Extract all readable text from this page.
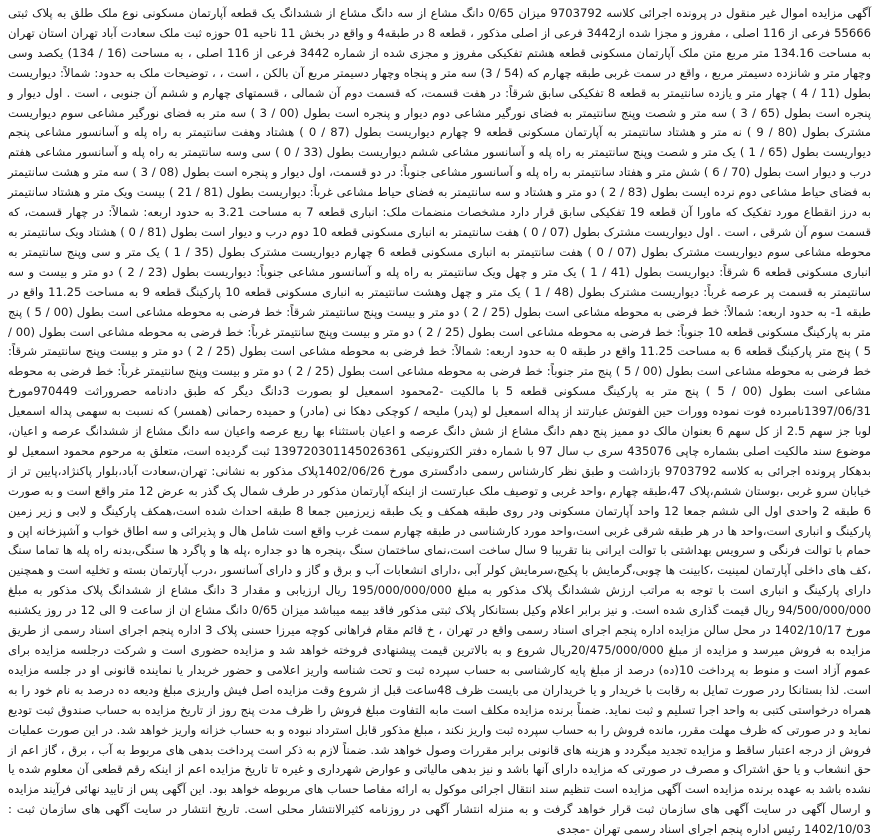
آگهی مزایده اموال غیر منقول در پرونده اجرائی کلاسه 9703792 میزان 0/65 دانگ مشاع از سه دانگ مشاع از ششدانگ یک قطعه آپارتمان مسکونی نوع ملک طلق به پلاک ثبتی 55666 فرعی از 116 اصلی ، مفروز و مجزا شده از3442 فرعی از اصلی مذکور ، قطعه 8 در طبقه4 و واقع در بخش 11 ناحیه 01 حوزه ثبت ملک سعادت آباد تهران استان تهران به مساحت 134.16 متر مربع متن ملک آپارتمان مسکونی قطعه هشتم تفکیکی مفروز و مجزی شده از شماره 3442 فرعی از 116 اصلی ، به مساحت (16 / 134) یکصد وسی وچهار متر و شانزده دسیمتر مربع ، واقع در سمت غربی طبقه چهارم که (54 / 3) سه متر و پنجاه وچهار دسیمتر مربع آن بالکن ، است ، ، توضیحات ملک به حدود: شمالاً: دیواریست بطول (11 / 4 ) چهار متر و یازده سانتیمتر به قطعه 8 تفکیکی سابق شرقاً: در هفت قسمت، که قسمت دوم آن شمالی ، قسمتهای چهارم و ششم آن جنوبی ، است . اول دیوار و پنجره است بطول (65 / 3 ) سه متر و شصت وپنج سانتیمتر به فضای نورگیر مشاعی دوم دیوار و پنجره است بطول (00 / 3 ) سه متر به فضای نورگیر مشاعی سوم دیواریست مشترک بطول (80 / 9 ) نه متر و هشتاد سانتیمتر به آپارتمان مسکونی قطعه 9 چهارم دیواریست بطول (87 / 0 ) هشتاد وهفت سانتیمتر به راه پله و آسانسور مشاعی پنجم دیواریست بطول (65 / 1 ) یک متر و شصت وپنج سانتیمتر به راه پله و آسانسور مشاعی ششم دیواریست بطول (33 / 0 ) سی وسه سانتیمتر به راه پله و آسانسور مشاعی هفتم درب و دیوار است بطول (70 / 6 ) شش متر و هفتاد سانتیمتر به راه پله و آسانسور مشاعی جنوباً: در دو قسمت، اول دیوار و پنجره است بطول (08 / 3 ) سه متر و هشت سانتیمتر به فضای حیاط مشاعی دوم نرده ایست بطول (83 / 2 ) دو متر و هشتاد و سه سانتیمتر به فضای حیاط مشاعی غرباً: دیواریست بطول (81 / 21 ) بیست ویک متر و هشتاد سانتیمتر به درز انقطاع مورد تفکیک که ماورا آن قطعه 19 تفکیکی سابق قرار دارد مشخصات منضمات ملک: انباری قطعه 7 به مساحت 3.21 به حدود اربعه: شمالاً: در چهار قسمت، که قسمت سوم آن شرقی ، است . اول دیواریست مشترک بطول (07 / 0 ) هفت سانتیمتر به انباری مسکونی قطعه 10 دوم درب و دیوار است بطول (81 / 0 ) هشتاد ویک سانتیمتر به محوطه مشاعی سوم دیواریست مشترک بطول (07 / 0 ) هفت سانتیمتر به انباری مسکونی قطعه 6 چهارم دیواریست مشترک بطول (35 / 1 ) یک متر و سی وپنج سانتیمتر به انباری مسکونی قطعه 6 شرقاً: دیواریست بطول (41 / 1 ) یک متر و چهل ویک سانتیمتر به راه پله و آسانسور مشاعی جنوباً: دیواریست بطول (23 / 2 ) دو متر و بیست و سه سانتیمتر به قسمت پر عرصه غرباً: دیواریست مشترک بطول (48 / 1 ) یک متر و چهل وهشت سانتیمتر به انباری مسکونی قطعه 10 پارکینگ قطعه 9 به مساحت 11.25 واقع در طبقه 1- به حدود اربعه: شمالاً: خط فرضی به محوطه مشاعی است بطول (25 / 2 ) دو متر و بیست وپنج سانتیمتر شرقاً: خط فرضی به محوطه مشاعی است بطول (00 / 5 ) پنج متر به پارکینگ مسکونی قطعه 10 جنوباً: خط فرضی به محوطه مشاعی است بطول (25 / 2 ) دو متر و بیست وپنج سانتیمتر غرباً: خط فرضی به محوطه مشاعی است بطول (00 / 5 ) پنج متر پارکینگ قطعه 6 به مساحت 11.25 واقع در طبقه 0 به حدود اربعه: شمالاً: خط فرضی به محوطه مشاعی است بطول (25 / 2 ) دو متر و بیست وپنج سانتیمتر شرقاً: خط فرضی به محوطه مشاعی است بطول (00 / 5 ) پنج متر جنوباً: خط فرضی به محوطه مشاعی است بطول (25 / 2 ) دو متر و بیست وپنج سانتیمتر غرباً: خط فرضی به محوطه مشاعی است بطول (00 / 5 ) پنج متر به پارکینگ مسکونی قطعه 5 با مالکیت -2محمود اسمعیل لو بصورت 3دانگ دیگر که طبق دادنامه حصروراثت 970449مورخ 1397/06/31نامبرده فوت نموده وورات حین الفوتش عبارتند از پداله اسمعیل لو (پدر) ملیحه / کوچکی دهکا نی (مادر) و حمیده رحمانی (همسر) که نسبت به سهمی پداله اسمعیل لوبا جز سهم 2.5 از کل سهم 6 بعنوان مالک دو ممیز پنج دهم دانگ مشاع از شش دانگ عرصه و اعیان باستثناء بها ربع عرصه واعیان سه دانگ مشاع از ششدانگ عرصه و اعیان، موضوع سند مالکیت اصلی بشماره چاپی 435076 سری ب سال 97 با شماره دفتر الکترونیکی 139720301145026361 ثبت گردیده است، متعلق به مرحوم محمود اسمعیل لو بدهکار پرونده اجرائی به کلاسه 9703792 بازداشت و طبق نظر کارشناس رسمی دادگستری مورخ 1402/06/26پلاک مذکور به نشانی: تهران،سعادت آباد،بلوار پاکنژاد،پایین تر از خیابان سرو غربی ،بوستان ششم،پلاک 47،طبقه چهارم ،واحد غربی و توصیف ملک عبارتست از اینکه آپارتمان مذکور در طرف شمال پک گذر به عرض 12 متر واقع است و به صورت 6 طبقه 2 واحدی اول الی ششم جمعا 12 واحد آپارتمان مسکونی ودر روی طبقه همکف و یک طبقه زیرزمین جمعا 8 طبقه احداث شده است،همکف پارکینگ و لابی و زیر زمین پارکینگ و انباری است،واحد ها در هر طبقه شرقی غربی است،واحد مورد کارشناسی در طبقه چهارم سمت غرب واقع است شامل هال و پذیرائی و سه اطاق خواب و آشپزخانه اپن و حمام با توالت فرنگی و سرویس بهداشتی با توالت ایرانی بنا تقریبا 9 سال ساخت است،نمای ساختمان سنگ ،پنجره ها دو جداره ،پله ها و پاگرد ها سنگی،بدنه راه پله ها تماما سنگ ،کف های داخلی آپارتمان لمینیت ،کابینت ها چوبی،گرمایش با پکیج،سرمایش کولر آبی ،دارای انشعابات آب و برق و گاز و دارای آسانسور ،درب آپارتمان بسته و تخلیه است و همچنین دارای پارکینگ و انباری است با توجه به مراتب ارزش ششدانگ پلاک مذکور به مبلغ 195/000/000/000 ریال ارزیابی و مقدار 3 دانگ مشاع از ششدانگ پلاک مذکور به مبلغ 94/500/000/000 ریال قیمت گذاری شده است. و نیز برابر اعلام وکیل بستانکار پلاک ثبتی مذکور فاقد بیمه میباشد میزان 0/65 دانگ مشاع ان از ساعت 9 الی 12 در روز یکشنبه مورخ 1402/10/17 در محل سالن مزایده اداره پنجم اجرای اسناد رسمی واقع در تهران ، خ قائم مقام فراهانی کوچه میرزا حسنی پلاک 3 اداره پنجم اجرای اسناد رسمی از طریق مزایده به فروش میرسد و مزایده از مبلغ 20/475/000/000ریال شروع و به بالاترین قیمت پیشنهادی فروخته خواهد شد و مزایده حضوری است و شرکت درجلسه مزایده برای عموم آزاد است و منوط به پرداخت 10(ده) درصد از مبلغ پایه کارشناسی به حساب سپرده ثبت و تحت شناسه واریز اعلامی و حضور خریدار یا نماینده قانونی او در جلسه مزایده است. لذا بستانکا ردر صورت تمایل به رقابت با خریدار و یا خریداران می بایست ظرف 48ساعت قبل از شروع وقت مزایده اصل فیش واریزی مبلغ ودیعه ده درصد به نام خود را به همراه درخواستی کتبی به واحد اجرا تسلیم و ثبت نماید. ضمناً برنده مزایده مکلف است مابه التفاوت مبلغ فروش را ظرف مدت پنج روز از تاریخ مزایده به حساب صندوق ثبت تودیع نماید و در صورتی که ظرف مهلت مقرر، مانده فروش را به حساب سپرده ثبت واریز نکند ، مبلغ مذکور قابل استرداد نبوده و به حساب خزانه واریز خواهد شد. در این صورت عملیات فروش از درجه اعتبار ساقط و مزایده تجدید میگردد و هزینه های قانونی برابر مقررات وصول خواهد شد. ضمناً لازم به ذکر است پرداخت بدهی های مربوط به آب ، برق ، گاز اعم از حق انشعاب و یا حق اشتراک و مصرف در صورتی که مزایده دارای آنها باشد و نیز بدهی مالیاتی و عوارض شهرداری و غیره تا تاریخ مزایده اعم از اینکه رقم قطعی آن معلوم شده یا نشده باشد به عهده برنده مزایده است آگهی مزایده است تنظیم سند انتقال اجرائی موکول به ارائه مفاصا حساب های مربوطه خواهد بود. این آگهی پس از تایید نهائی فرآیند مزایده و ارسال آگهی در سایت آگهی های سازمان ثبت قرار خواهد گرفت و به منزله انتشار آگهی در روزنامه کثیرالانتشار محلی است. تاریخ انتشار در سایت آگهی های سازمان ثبت : 1402/10/03 رئیس اداره پنجم اجرای اسناد رسمی تهران -مجدی
